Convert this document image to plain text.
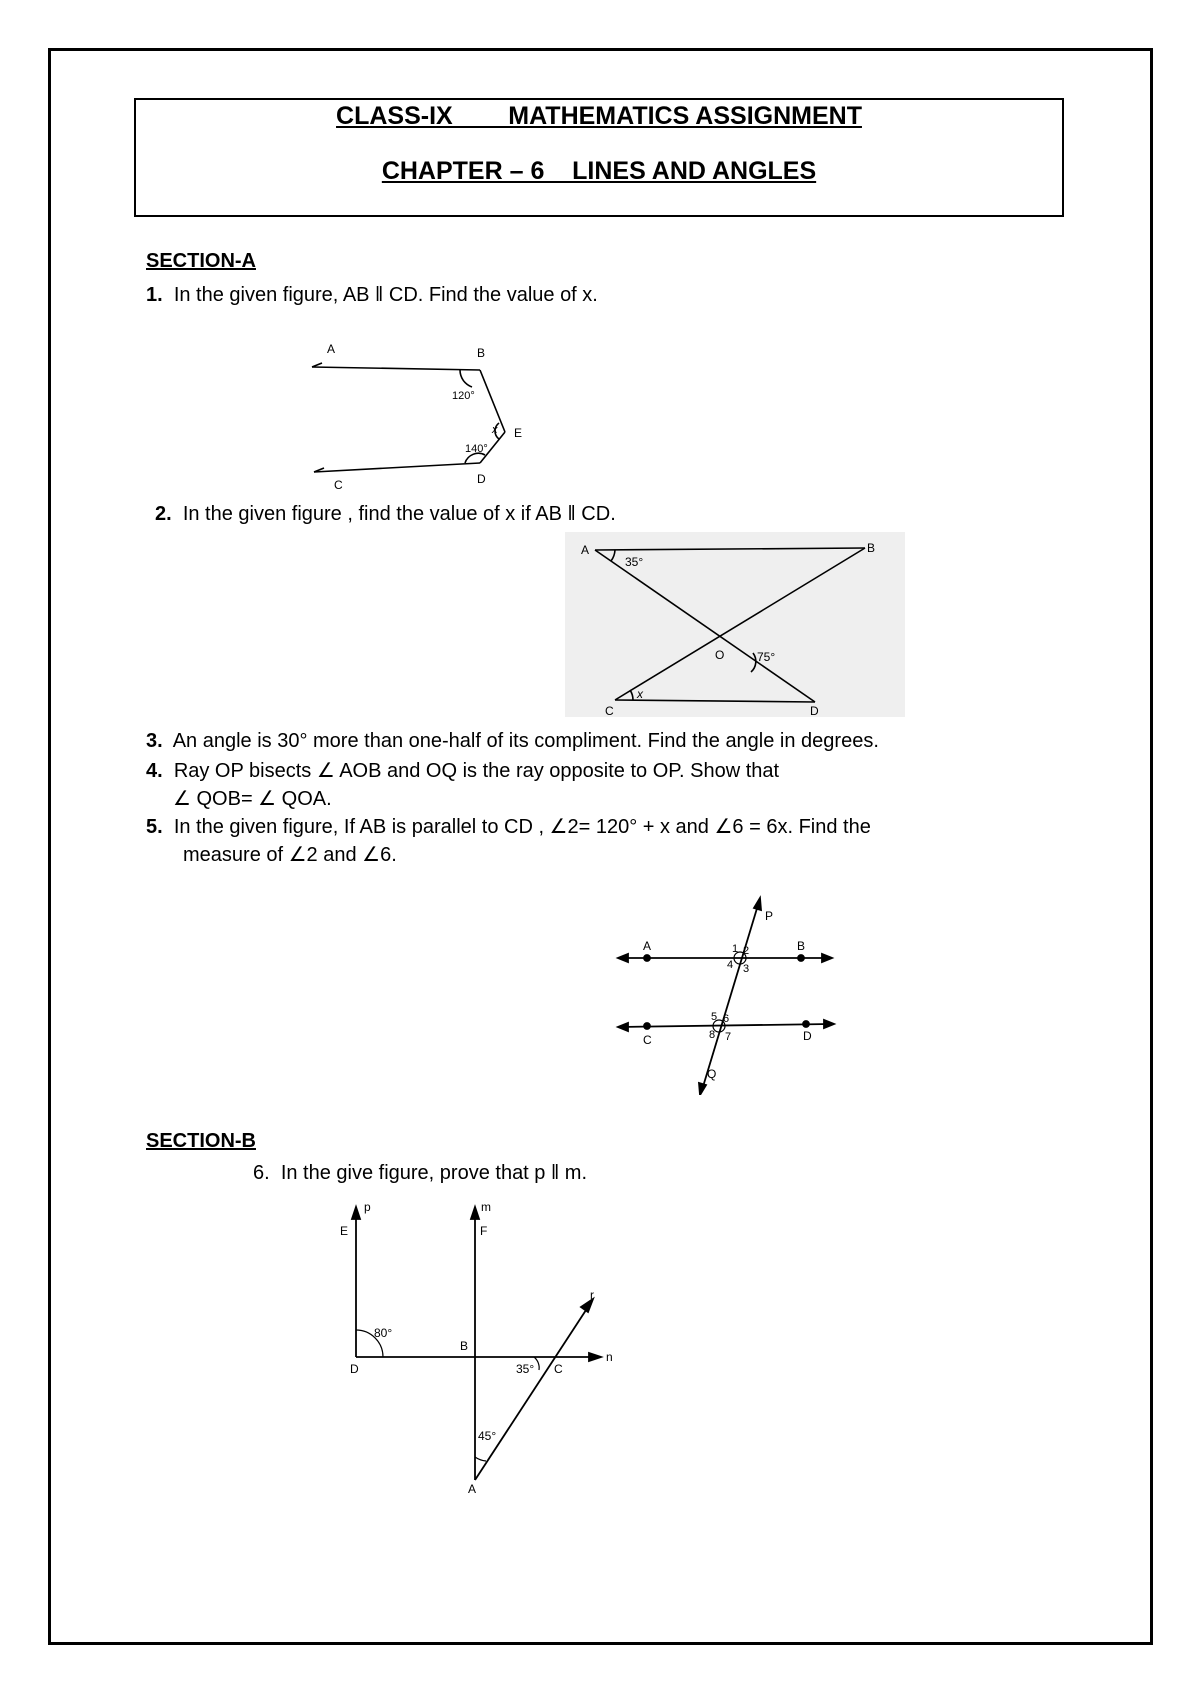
CLASS-IX        MATHEMATICS ASSIGNMENT
CHAPTER – 6    LINES AND ANGLES
SECTION-A
1. In the given figure, AB ǁ CD. Find the value of x.
A	B
120°
x E
140°
D
C
2. In the given figure , find the value of x if AB ǁ CD.
A	B
35°
O	75°
x
C	D
3. An angle is 30° more than one-half of its compliment. Find the angle in degrees.
4. Ray OP bisects ∠ AOB and OQ is the ray opposite to OP. Show that
∠ QOB= ∠ QOA.
5. In the given figure, If AB is parallel to CD , ∠2= 120° + x and ∠6 = 6x. Find the
measure of ∠2 and ∠6.
A	B
C	D
P
Q
1 2
3
4
5 6
7
8
SECTION-B
6. In the give figure, prove that p ǁ m.
p	m
n
r
E	F
80°
D
B
35° C
45°
A
